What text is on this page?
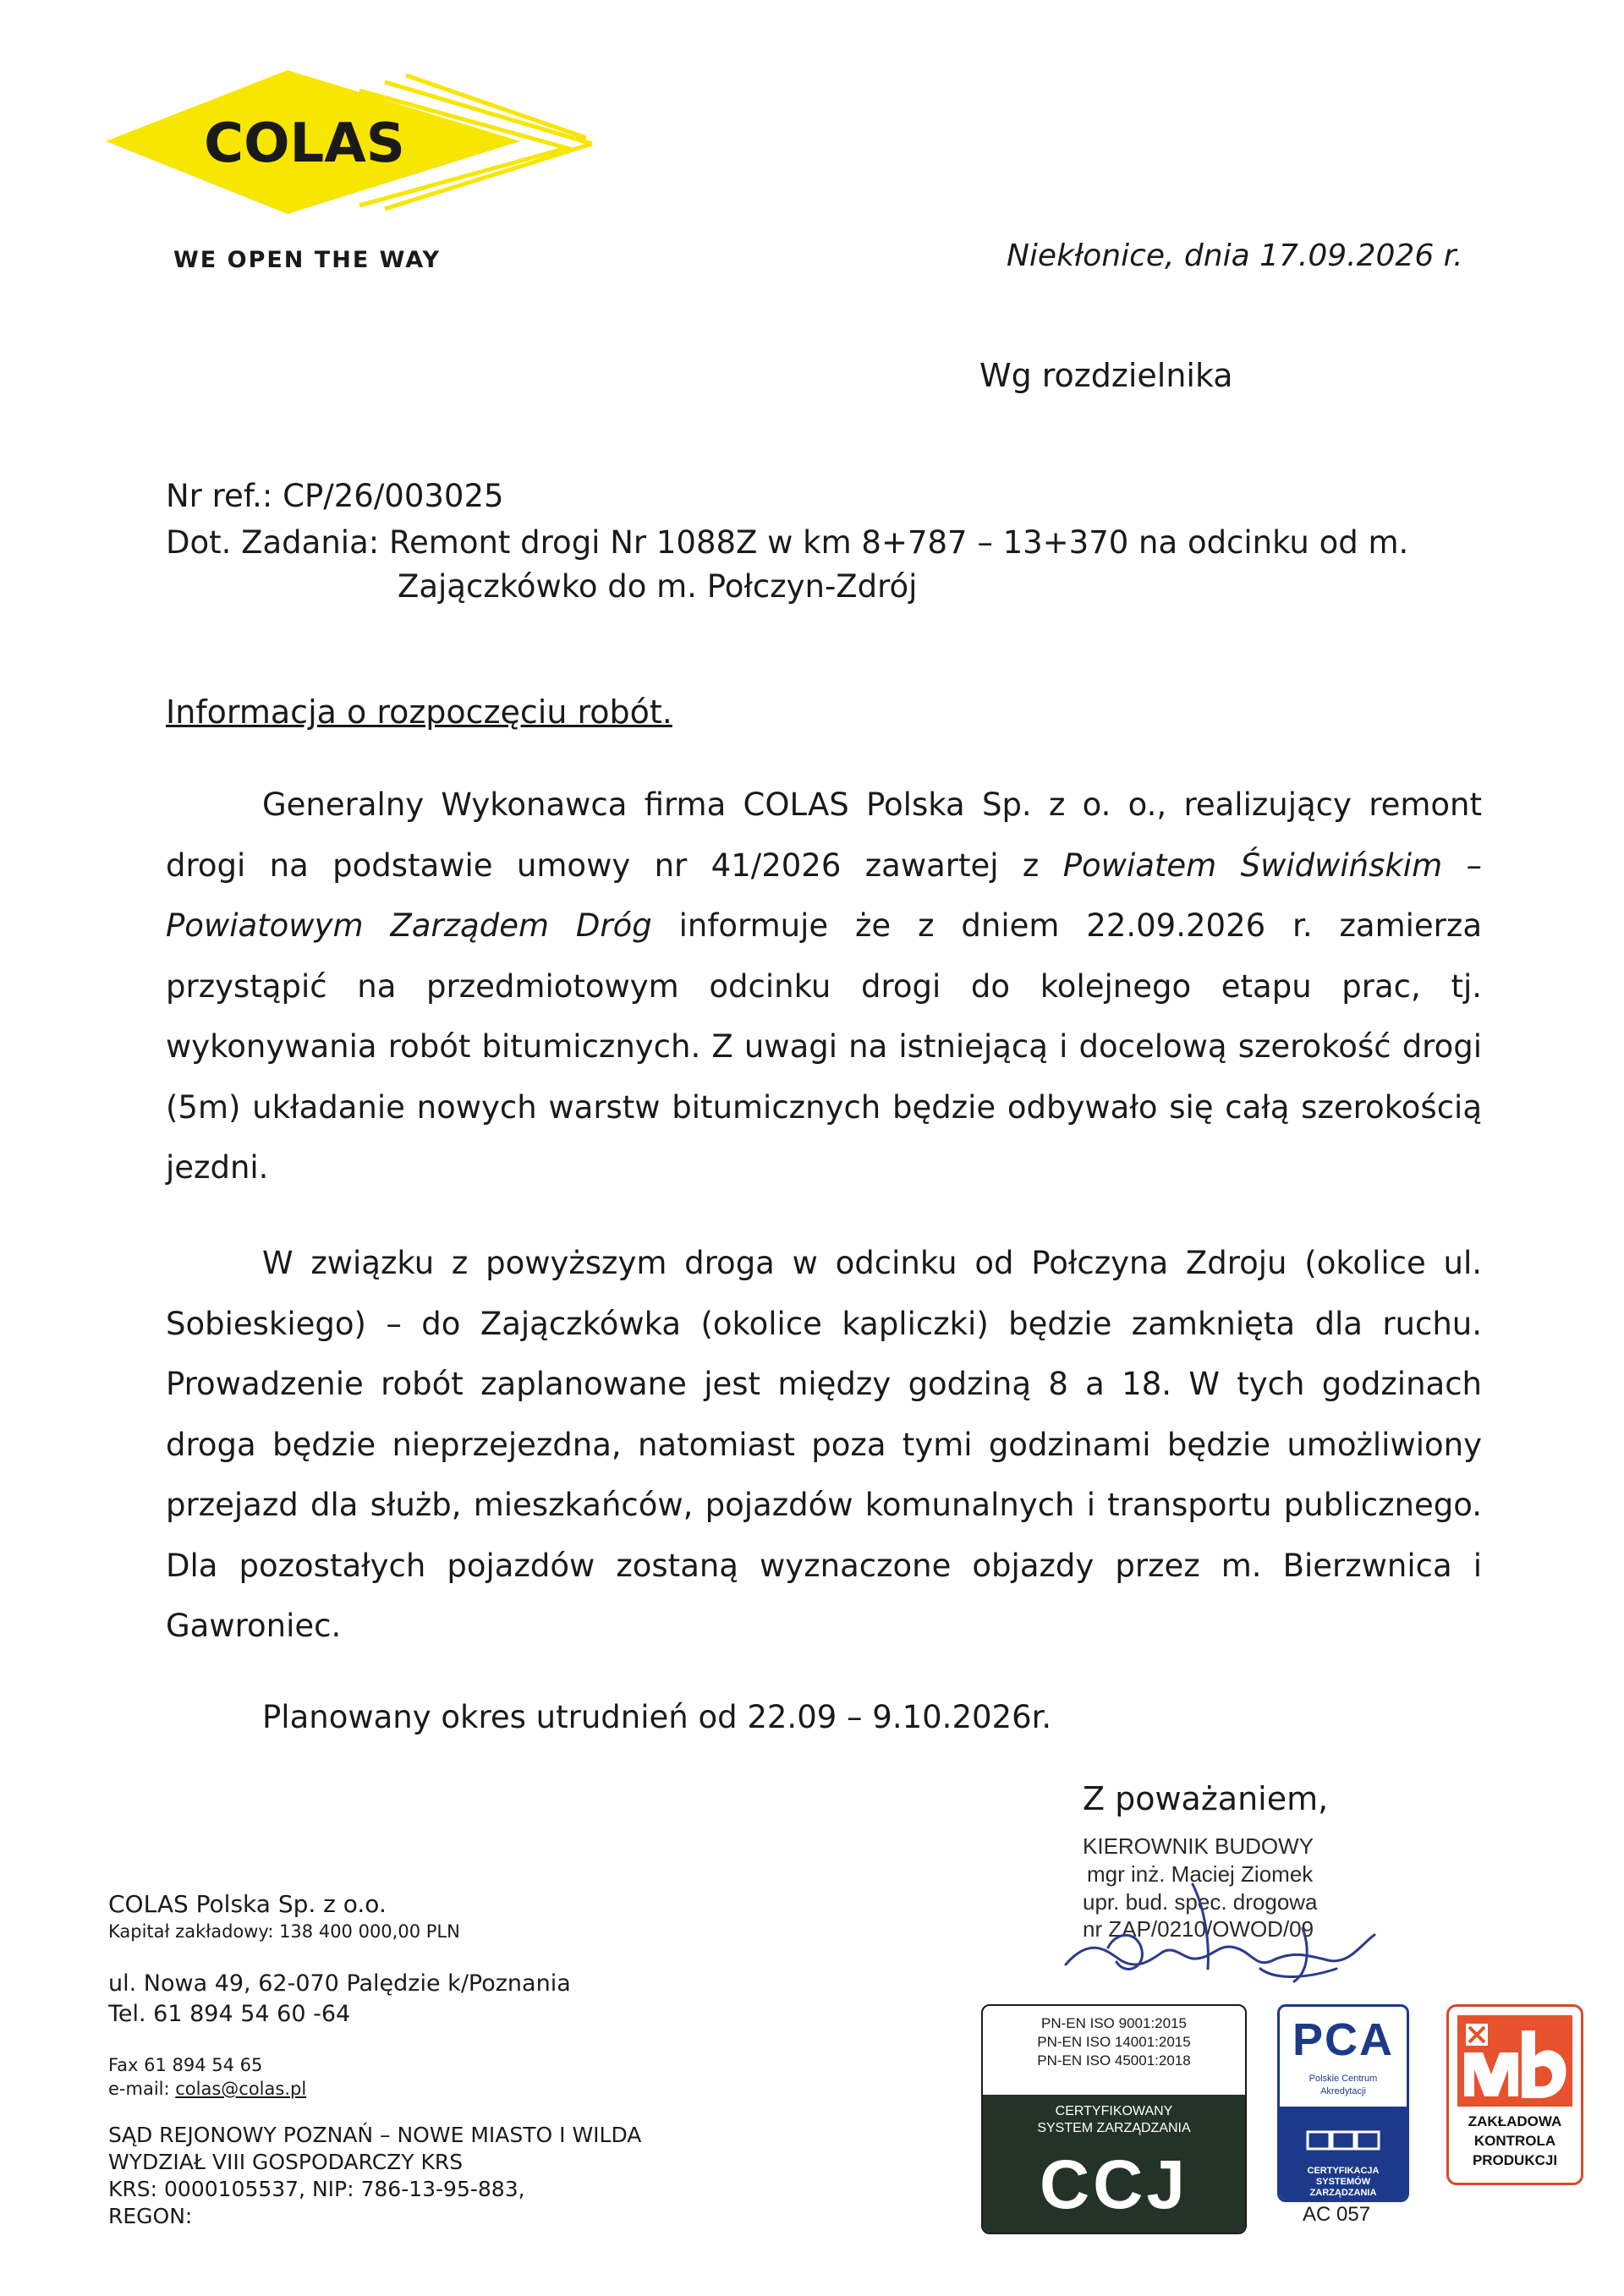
COLAS
WE OPEN THE WAY	Niekłonice, dnia 17.09.2026 r.
Wg rozdzielnika
Nr ref.: CP/26/003025
Dot. Zadania: Remont drogi Nr 1088Z w km 8+787 – 13+370 na odcinku od m.
Zajączkówko do m. Połczyn-Zdrój
Informacja o rozpoczęciu robót.
Generalny Wykonawca firma COLAS Polska Sp. z o. o., realizujący remont drogi na podstawie umowy nr 41/2026 zawartej z Powiatem Świdwińskim – Powiatowym Zarządem Dróg informuje że z dniem 22.09.2026 r. zamierza przystąpić na przedmiotowym odcinku drogi do kolejnego etapu prac, tj. wykonywania robót bitumicznych. Z uwagi na istniejącą i docelową szerokość drogi (5m) układanie nowych warstw bitumicznych będzie odbywało się całą szerokością jezdni.
W związku z powyższym droga w odcinku od Połczyna Zdroju (okolice ul. Sobieskiego) – do Zajączkówka (okolice kapliczki) będzie zamknięta dla ruchu. Prowadzenie robót zaplanowane jest między godziną 8 a 18. W tych godzinach droga będzie nieprzejezdna, natomiast poza tymi godzinami będzie umożliwiony przejazd dla służb, mieszkańców, pojazdów komunalnych i transportu publicznego. Dla pozostałych pojazdów zostaną wyznaczone objazdy przez m. Bierzwnica i Gawroniec.
Planowany okres utrudnień od 22.09 – 9.10.2026r.
Z poważaniem,
KIEROWNIK BUDOWY
mgr inż. Maciej Ziomek
upr. bud. spec. drogowa
nr ZAP/0210/OWOD/09
COLAS Polska Sp. z o.o.
Kapitał zakładowy: 138 400 000,00 PLN
ul. Nowa 49, 62-070 Palędzie k/Poznania
Tel. 61 894 54 60 -64
Fax 61 894 54 65
e-mail: colas@colas.pl
SĄD REJONOWY POZNAŃ – NOWE MIASTO I WILDA
WYDZIAŁ VIII GOSPODARCZY KRS
KRS: 0000105537, NIP: 786-13-95-883,
REGON:
PN-EN ISO 9001:2015
PN-EN ISO 14001:2015
PN-EN ISO 45001:2018
CERTYFIKOWANY
SYSTEM ZARZĄDZANIA
CCJ
PCA
Polskie Centrum
Akredytacji
CERTYFIKACJA
SYSTEMÓW
ZARZĄDZANIA
AC 057
ZAKŁADOWA
KONTROLA
PRODUKCJI
